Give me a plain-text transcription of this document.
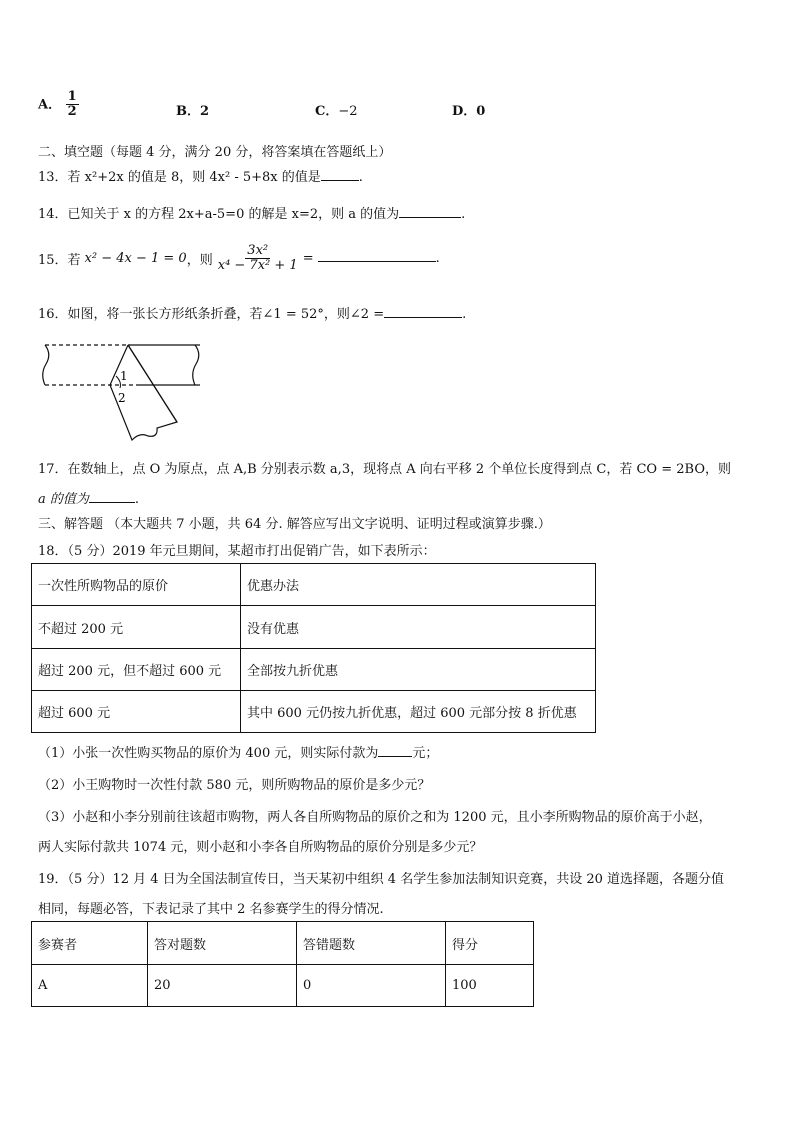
A． $\frac{1}{2}$	B．2	C．−2	D．0
二、填空题（每题 4 分，满分 20 分，将答案填在答题纸上）
13．若 x²+2x 的值是 8，则 4x² - 5+8x 的值是	.
14．已知关于 x 的方程 2x+a-5=0 的解是 x=2，则 a 的值为	.
15．若 x² − 4x − 1 = 0 ，则 $\frac{\text{3x²}}{\text{x⁴ − 7x² + 1}}$ =	.
16．如图，将一张长方形纸条折叠，若∠1 = 52°，则∠2 =	.
1
2
17．在数轴上，点 O 为原点，点 A,B 分别表示数 a,3，现将点 A 向右平移 2 个单位长度得到点 C，若 CO = 2BO，则
a 的值为	.
三、解答题 （本大题共 7 小题，共 64 分. 解答应写出文字说明、证明过程或演算步骤.）
18．（5 分）2019 年元旦期间，某超市打出促销广告，如下表所示：
一次性所购物品的原价	优惠办法
不超过 200 元	没有优惠
超过 200 元，但不超过 600 元	全部按九折优惠
超过 600 元	其中 600 元仍按九折优惠，超过 600 元部分按 8 折优惠
（1）小张一次性购买物品的原价为 400 元，则实际付款为	元；
（2）小王购物时一次性付款 580 元，则所购物品的原价是多少元？
（3）小赵和小李分别前往该超市购物，两人各自所购物品的原价之和为 1200 元，且小李所购物品的原价高于小赵，
两人实际付款共 1074 元，则小赵和小李各自所购物品的原价分别是多少元？
19．（5 分）12 月 4 日为全国法制宣传日，当天某初中组织 4 名学生参加法制知识竞赛，共设 20 道选择题，各题分值
相同，每题必答，下表记录了其中 2 名参赛学生的得分情况.
参赛者	答对题数	答错题数	得分
A	20	0	100
